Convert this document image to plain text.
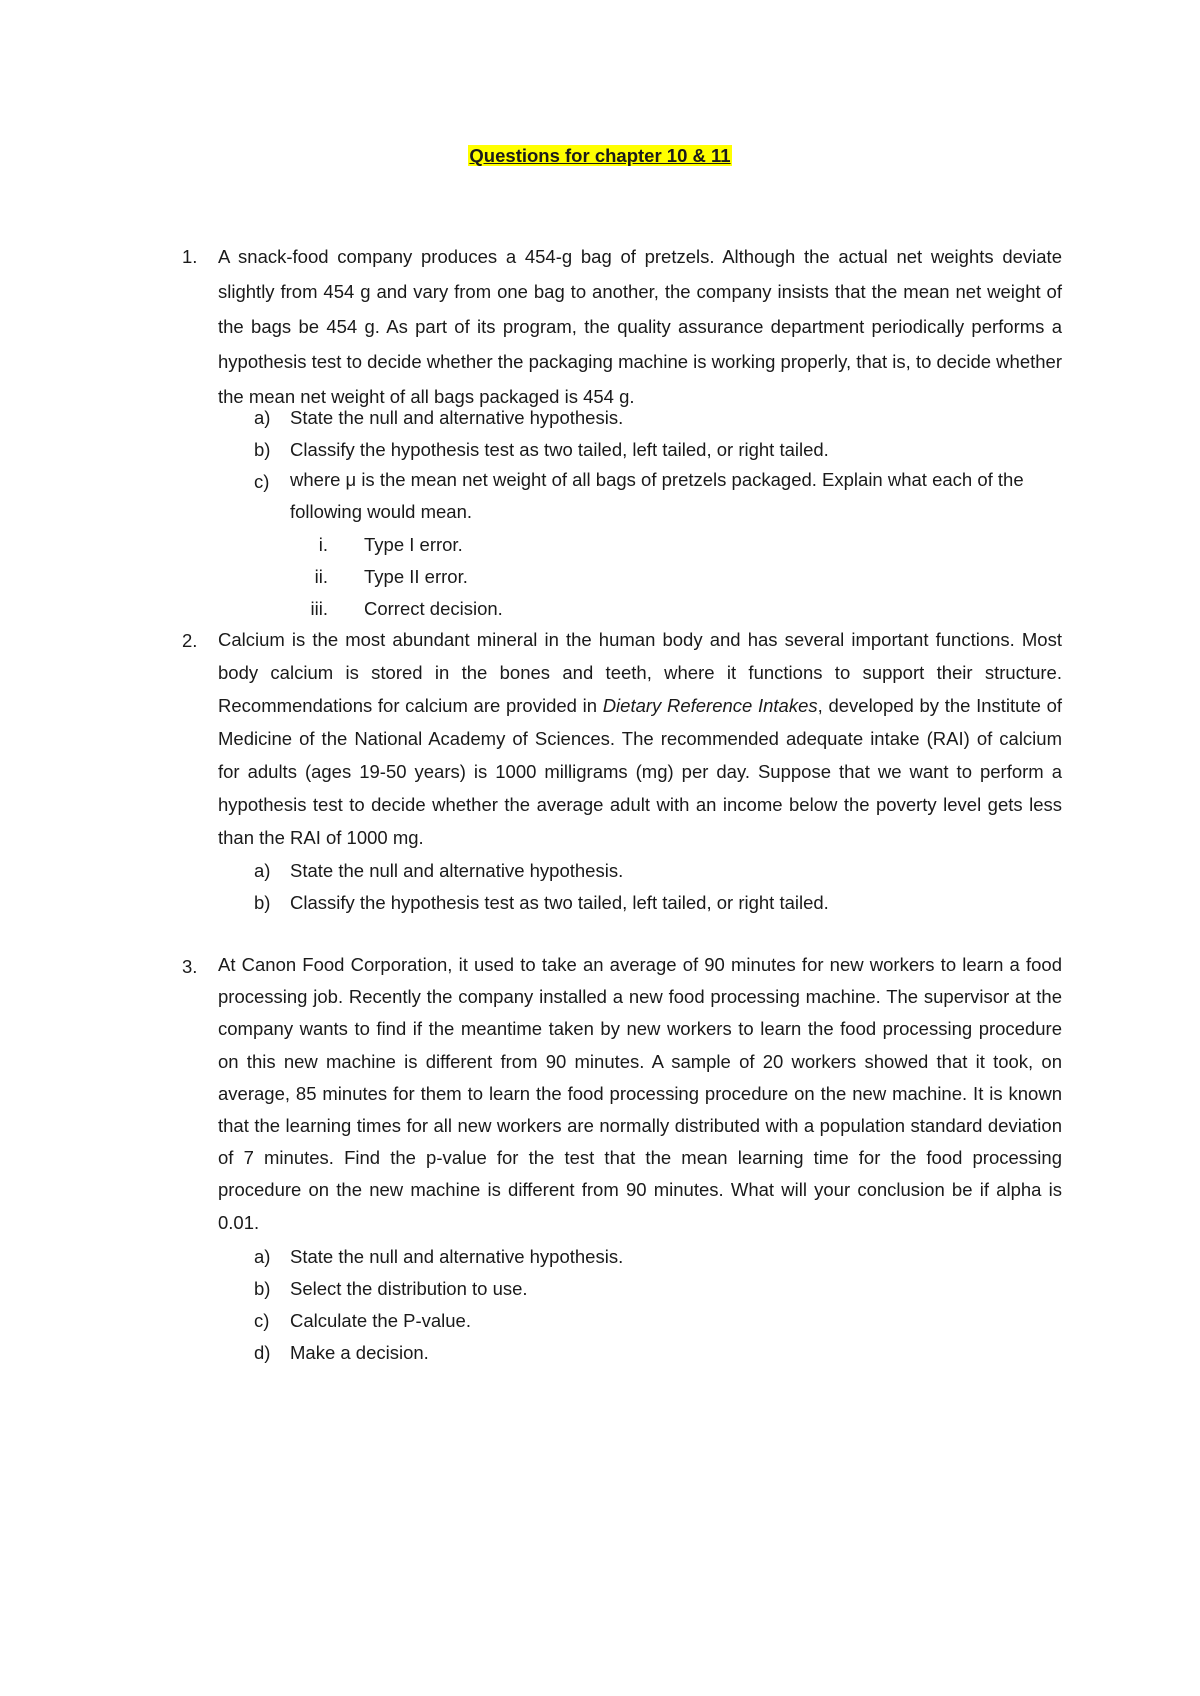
Questions for chapter 10 & 11
1. A snack-food company produces a 454-g bag of pretzels. Although the actual net weights deviate slightly from 454 g and vary from one bag to another, the company insists that the mean net weight of the bags be 454 g. As part of its program, the quality assurance department periodically performs a hypothesis test to decide whether the packaging machine is working properly, that is, to decide whether the mean net weight of all bags packaged is 454 g.
a) State the null and alternative hypothesis.
b) Classify the hypothesis test as two tailed, left tailed, or right tailed.
c) where μ is the mean net weight of all bags of pretzels packaged. Explain what each of the following would mean.
i. Type I error.
ii. Type II error.
iii. Correct decision.
2. Calcium is the most abundant mineral in the human body and has several important functions. Most body calcium is stored in the bones and teeth, where it functions to support their structure. Recommendations for calcium are provided in Dietary Reference Intakes, developed by the Institute of Medicine of the National Academy of Sciences. The recommended adequate intake (RAI) of calcium for adults (ages 19-50 years) is 1000 milligrams (mg) per day. Suppose that we want to perform a hypothesis test to decide whether the average adult with an income below the poverty level gets less than the RAI of 1000 mg.
a) State the null and alternative hypothesis.
b) Classify the hypothesis test as two tailed, left tailed, or right tailed.
3. At Canon Food Corporation, it used to take an average of 90 minutes for new workers to learn a food processing job. Recently the company installed a new food processing machine. The supervisor at the company wants to find if the meantime taken by new workers to learn the food processing procedure on this new machine is different from 90 minutes. A sample of 20 workers showed that it took, on average, 85 minutes for them to learn the food processing procedure on the new machine. It is known that the learning times for all new workers are normally distributed with a population standard deviation of 7 minutes. Find the p-value for the test that the mean learning time for the food processing procedure on the new machine is different from 90 minutes. What will your conclusion be if alpha is 0.01.
a) State the null and alternative hypothesis.
b) Select the distribution to use.
c) Calculate the P-value.
d) Make a decision.
